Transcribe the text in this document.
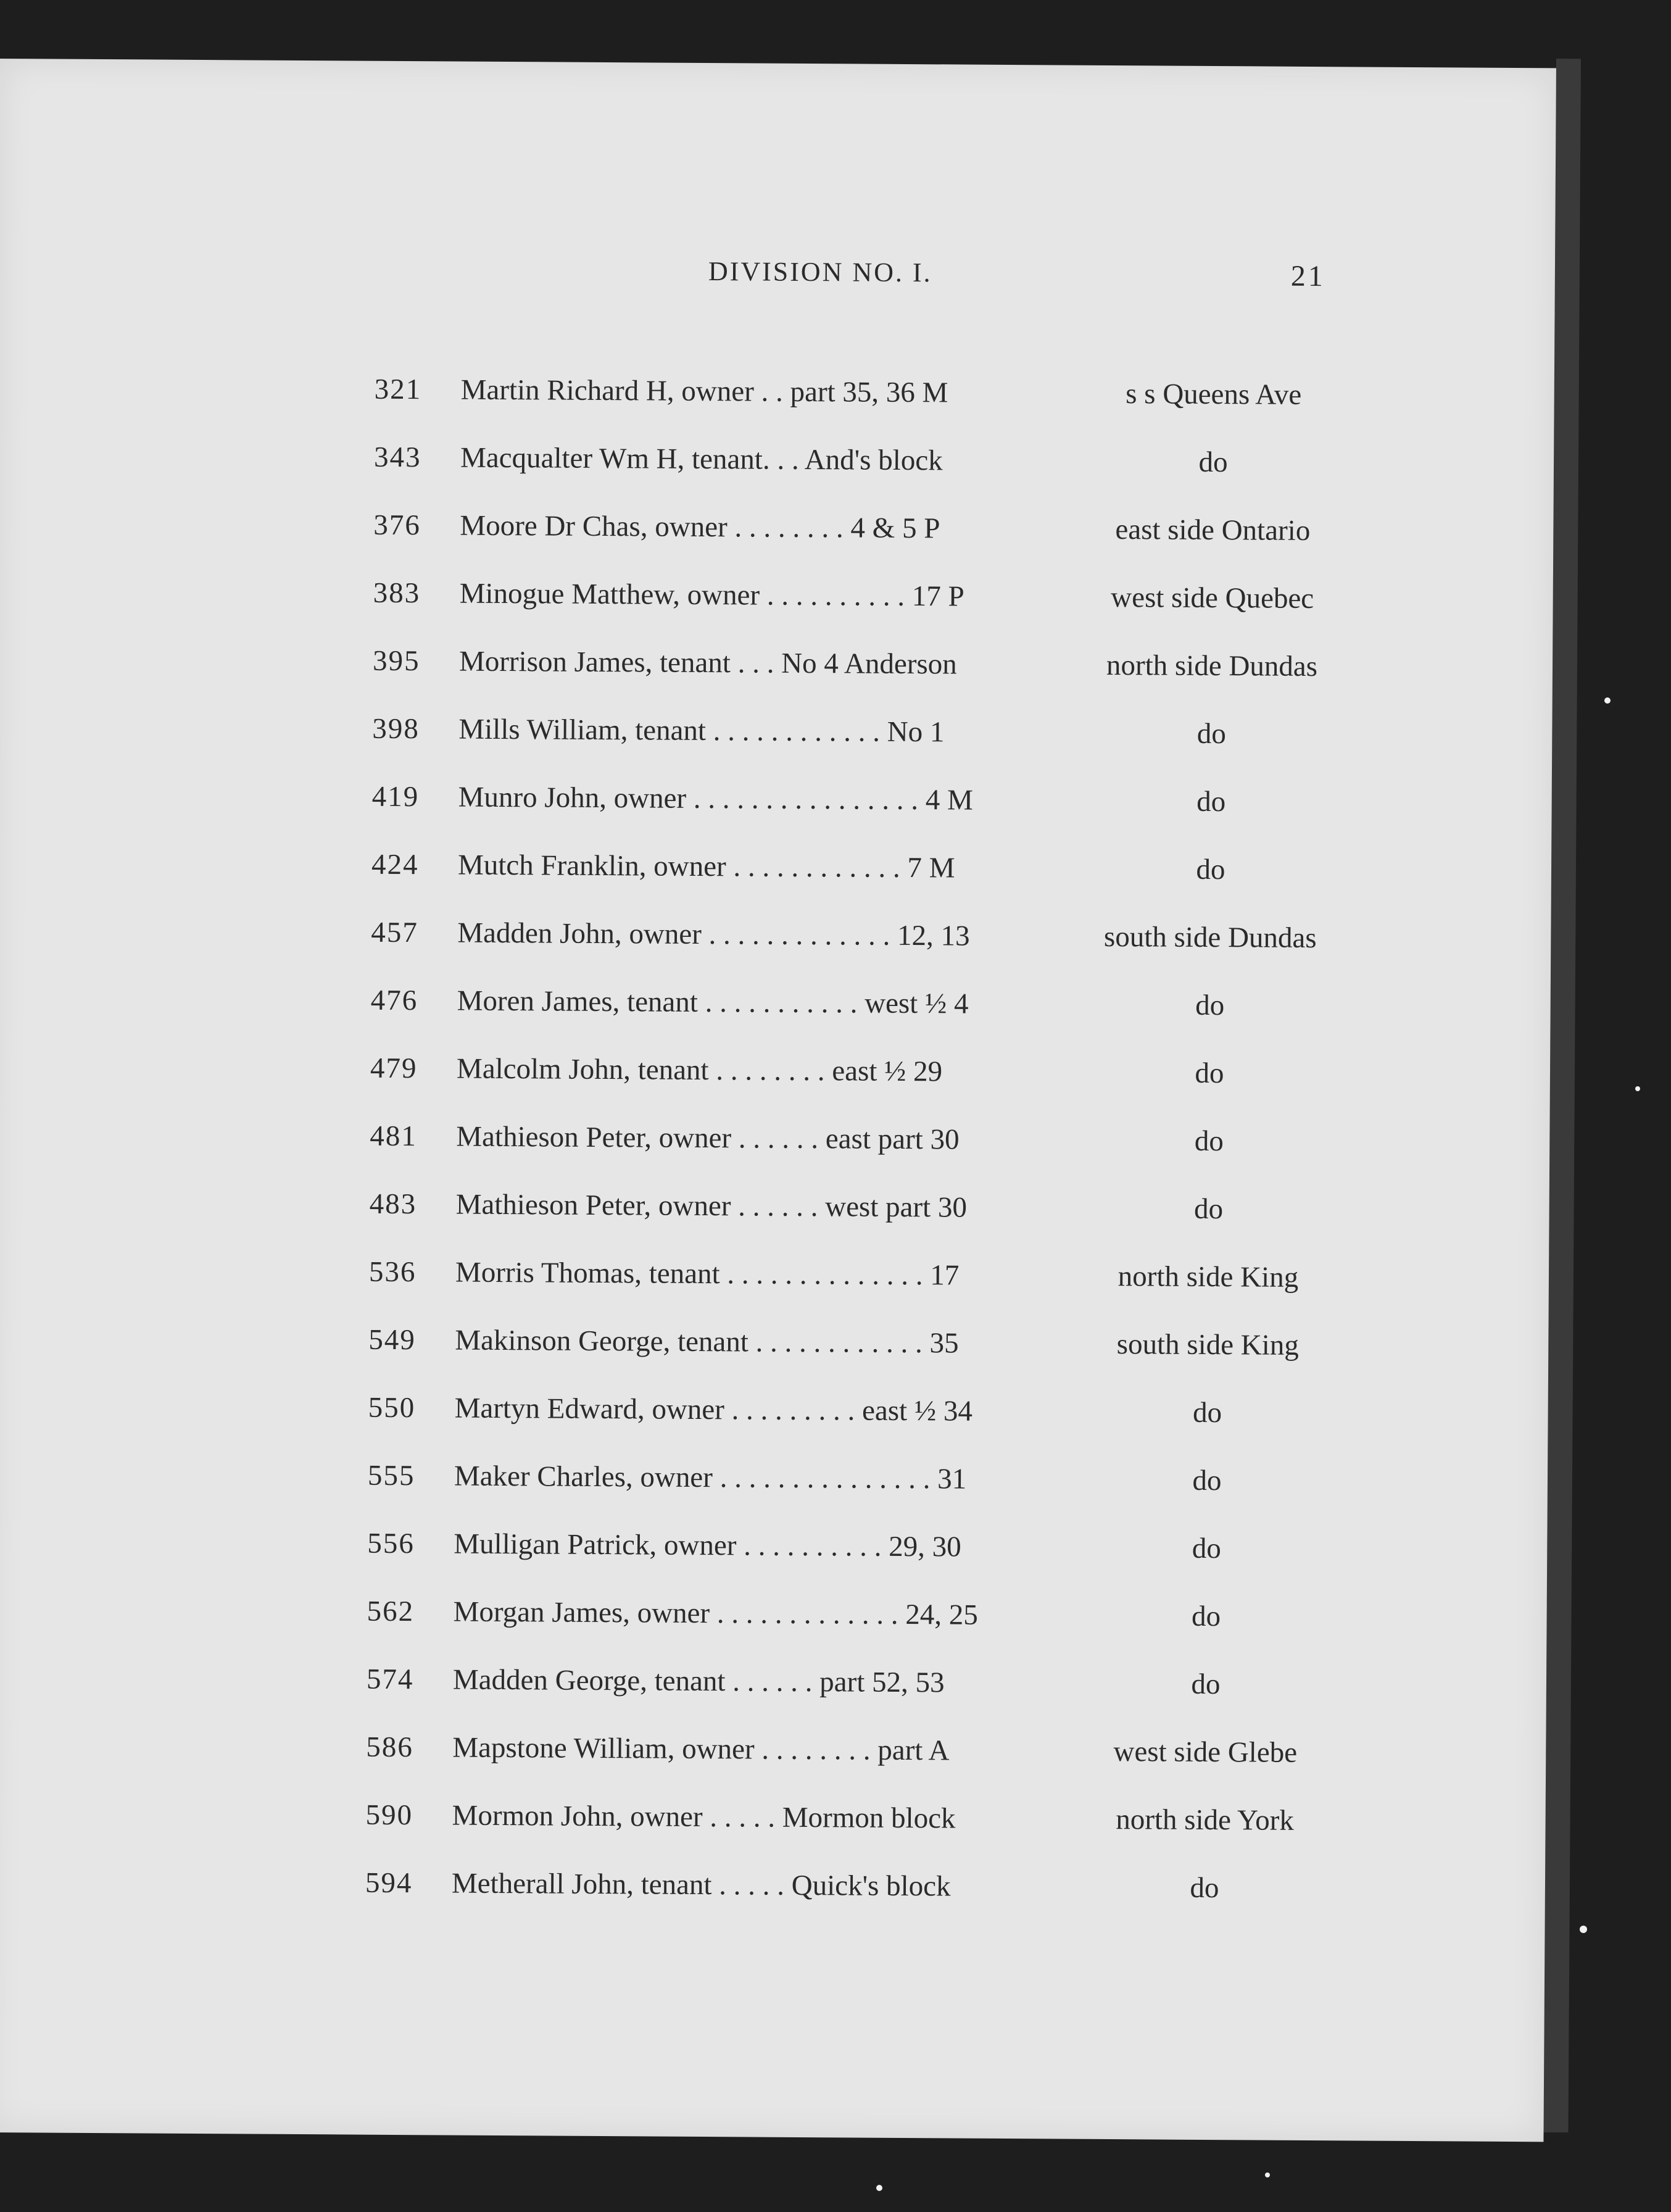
DIVISION NO. I.	21
321	Martin Richard H, owner . . part 35, 36 M	s s Queens Ave
343	Macqualter Wm H, tenant. . . And's block	do
376	Moore Dr Chas, owner . . . . . . . . 4 & 5 P	east side Ontario
383	Minogue Matthew, owner . . . . . . . . . . 17 P	west side Quebec
395	Morrison James, tenant . . . No 4 Anderson	north side Dundas
398	Mills William, tenant . . . . . . . . . . . . No 1	do
419	Munro John, owner . . . . . . . . . . . . . . . . 4 M	do
424	Mutch Franklin, owner . . . . . . . . . . . . 7 M	do
457	Madden John, owner . . . . . . . . . . . . . 12, 13	south side Dundas
476	Moren James, tenant . . . . . . . . . . . west ½ 4	do
479	Malcolm John, tenant . . . . . . . . east ½ 29	do
481	Mathieson Peter, owner . . . . . . east part 30	do
483	Mathieson Peter, owner . . . . . . west part 30	do
536	Morris Thomas, tenant . . . . . . . . . . . . . . 17	north side King
549	Makinson George, tenant . . . . . . . . . . . . 35	south side King
550	Martyn Edward, owner . . . . . . . . . east ½ 34	do
555	Maker Charles, owner . . . . . . . . . . . . . . . 31	do
556	Mulligan Patrick, owner . . . . . . . . . . 29, 30	do
562	Morgan James, owner . . . . . . . . . . . . . 24, 25	do
574	Madden George, tenant . . . . . . part 52, 53	do
586	Mapstone William, owner . . . . . . . . part A	west side Glebe
590	Mormon John, owner . . . . . Mormon block	north side York
594	Metherall John, tenant . . . . . Quick's block	do
